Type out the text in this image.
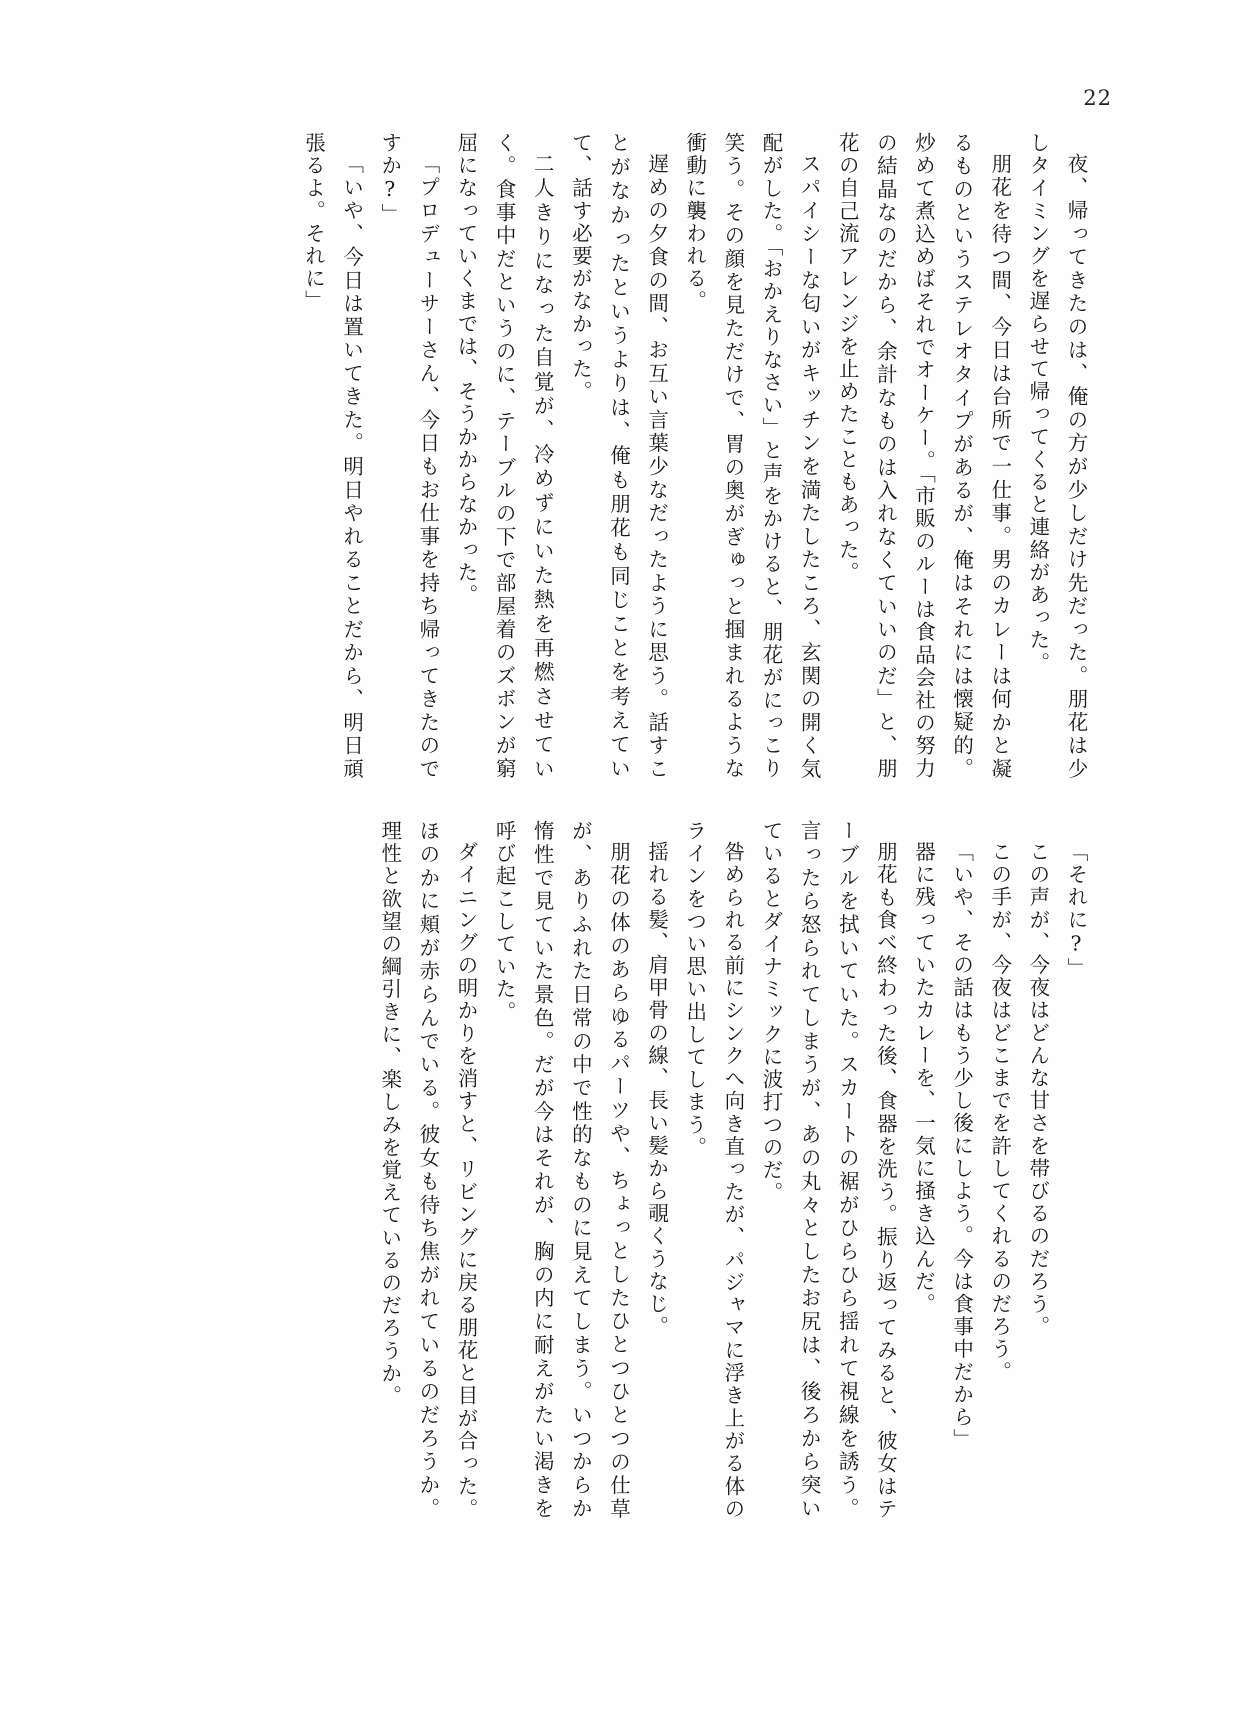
22
夜、帰ってきたのは、俺の方が少しだけ先だった。朋花は少しタイミングを遅らせて帰ってくると連絡があった。
朋花を待つ間、今日は台所で一仕事。男のカレーは何かと凝るものというステレオタイプがあるが、俺はそれには懐疑的。炒めて煮込めばそれでオーケー。「市販のルーは食品会社の努力の結晶なのだから、余計なものは入れなくていいのだ」と、朋花の自己流アレンジを止めたこともあった。
スパイシーな匂いがキッチンを満たしたころ、玄関の開く気配がした。「おかえりなさい」と声をかけると、朋花がにっこり笑う。その顔を見ただけで、胃の奥がぎゅっと掴まれるような衝動に襲われる。
遅めの夕食の間、お互い言葉少なだったように思う。話すことがなかったというよりは、俺も朋花も同じことを考えていて、話す必要がなかった。
二人きりになった自覚が、冷めずにいた熱を再燃させていく。食事中だというのに、テーブルの下で部屋着のズボンが窮屈になっていくまでは、そうかからなかった。
「プロデューサーさん、今日もお仕事を持ち帰ってきたのですか?」
「いや、今日は置いてきた。明日やれることだから、明日頑張るよ。それに」
「それに?」
この声が、今夜はどんな甘さを帯びるのだろう。
この手が、今夜はどこまでを許してくれるのだろう。
「いや、その話はもう少し後にしよう。今は食事中だから」
器に残っていたカレーを、一気に掻き込んだ。
朋花も食べ終わった後、食器を洗う。振り返ってみると、彼女はテーブルを拭いていた。スカートの裾がひらひら揺れて視線を誘う。言ったら怒られてしまうが、あの丸々としたお尻は、後ろから突いているとダイナミックに波打つのだ。
咎められる前にシンクへ向き直ったが、パジャマに浮き上がる体のラインをつい思い出してしまう。
揺れる髪、肩甲骨の線、長い髪から覗くうなじ。
朋花の体のあらゆるパーツや、ちょっとしたひとつひとつの仕草が、ありふれた日常の中で性的なものに見えてしまう。いつからか惰性で見ていた景色。だが今はそれが、胸の内に耐えがたい渇きを呼び起こしていた。
ダイニングの明かりを消すと、リビングに戻る朋花と目が合った。ほのかに頬が赤らんでいる。彼女も待ち焦がれているのだろうか。理性と欲望の綱引きに、楽しみを覚えているのだろうか。
